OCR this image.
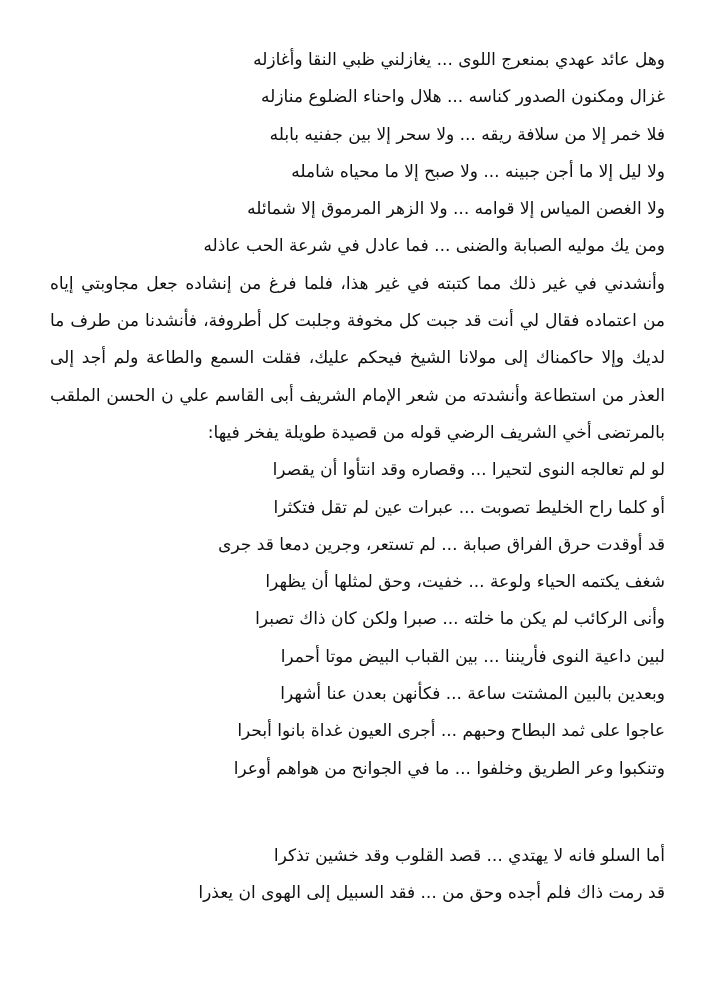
وهل عائد عهدي بمنعرج اللوى ... يغازلني ظبي النقا وأغازله
غزال ومكنون الصدور كناسه ... هلال واحناء الضلوع منازله
فلا خمر إلا من سلافة ريقه ... ولا سحر إلا بين جفنيه بابله
ولا ليل إلا ما أجن جبينه ... ولا صبح إلا ما محياه شامله
ولا الغصن المياس إلا قوامه ... ولا الزهر المرموق إلا شمائله
ومن يك موليه الصبابة والضنى ... فما عادل في شرعة الحب عاذله
وأنشدني في غير ذلك مما كتبته في غير هذا، فلما فرغ من إنشاده جعل مجاوبتي إياه
من اعتماده فقال لي أنت قد جبت كل مخوفة وجلبت كل أطروفة، فأنشدنا من طرف ما
لديك وإلا حاكمناك إلى مولانا الشيخ فيحكم عليك، فقلت السمع والطاعة ولم أجد إلى
العذر من استطاعة وأنشدته من شعر الإمام الشريف أبى القاسم علي ن الحسن الملقب
بالمرتضى أخي الشريف الرضي قوله من قصيدة طويلة يفخر فيها:
لو لم تعالجه النوى لتحيرا ... وقصاره وقد انتأوا أن يقصرا
أو كلما راح الخليط تصوبت ... عبرات عين لم تقل فتكثرا
قد أوقدت حرق الفراق صبابة ... لم تستعر، وجرين دمعا قد جرى
شغف يكتمه الحياء ولوعة ... خفيت، وحق لمثلها أن يظهرا
وأنى الركائب لم يكن ما خلته ... صبرا ولكن كان ذاك تصبرا
لبين داعية النوى فأريننا ... بين القباب البيض موتا أحمرا
وبعدين بالبين المشتت ساعة ... فكأنهن بعدن عنا أشهرا
عاجوا على ثمد البطاح وحبهم ... أجرى العيون غداة بانوا أبحرا
وتنكبوا وعر الطريق وخلفوا ... ما في الجوانح من هواهم أوعرا
أما السلو فانه لا يهتدي ... قصد القلوب وقد خشين تذكرا
قد رمت ذاك فلم أجده وحق من ... فقد السبيل إلى الهوى ان يعذرا
